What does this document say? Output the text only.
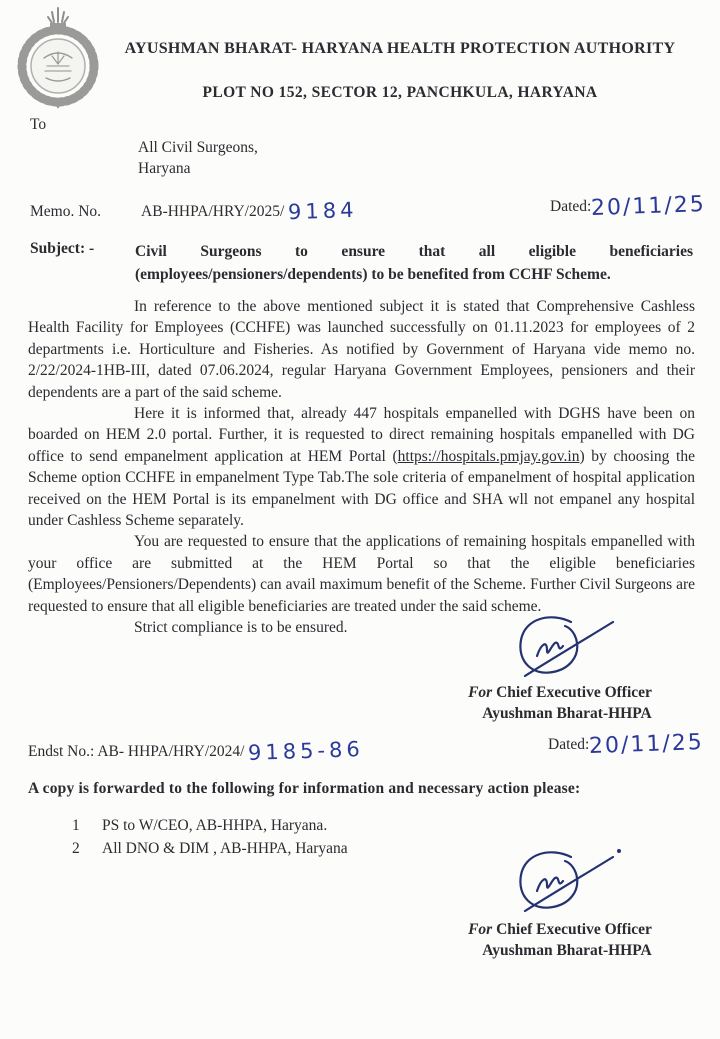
AYUSHMAN BHARAT- HARYANA HEALTH PROTECTION AUTHORITY
PLOT NO 152, SECTOR 12, PANCHKULA, HARYANA
To
All Civil Surgeons,
Haryana
Memo. No.	AB-HHPA/HRY/2025/ 9184	Dated:20/11/25
Subject: -	Civil Surgeons to ensure that all eligible beneficiaries
(employees/pensioners/dependents) to be benefited from CCHF Scheme.

In reference to the above mentioned subject it is stated that Comprehensive Cashless Health Facility for Employees (CCHFE) was launched successfully on 01.11.2023 for employees of 2 departments i.e. Horticulture and Fisheries. As notified by Government of Haryana vide memo no. 2/22/2024-1HB-III, dated 07.06.2024, regular Haryana Government Employees, pensioners and their dependents are a part of the said scheme.

Here it is informed that, already 447 hospitals empanelled with DGHS have been on boarded on HEM 2.0 portal. Further, it is requested to direct remaining hospitals empanelled with DG office to send empanelment application at HEM Portal (https://hospitals.pmjay.gov.in) by choosing the Scheme option CCHFE in empanelment Type Tab.The sole criteria of empanelment of hospital application received on the HEM Portal is its empanelment with DG office and SHA wll not empanel any hospital under Cashless Scheme separately.

You are requested to ensure that the applications of remaining hospitals empanelled with your office are submitted at the HEM Portal so that the eligible beneficiaries (Employees/Pensioners/Dependents) can avail maximum benefit of the Scheme. Further Civil Surgeons are requested to ensure that all eligible beneficiaries are treated under the said scheme.

Strict compliance is to be ensured.

For Chief Executive Officer
Ayushman Bharat-HHPA
Endst No.: AB- HHPA/HRY/2024/ 9185-86	Dated:20/11/25
A copy is forwarded to the following for information and necessary action please:
1 PS to W/CEO, AB-HHPA, Haryana.
2 All DNO & DIM , AB-HHPA, Haryana
For Chief Executive Officer
Ayushman Bharat-HHPA
